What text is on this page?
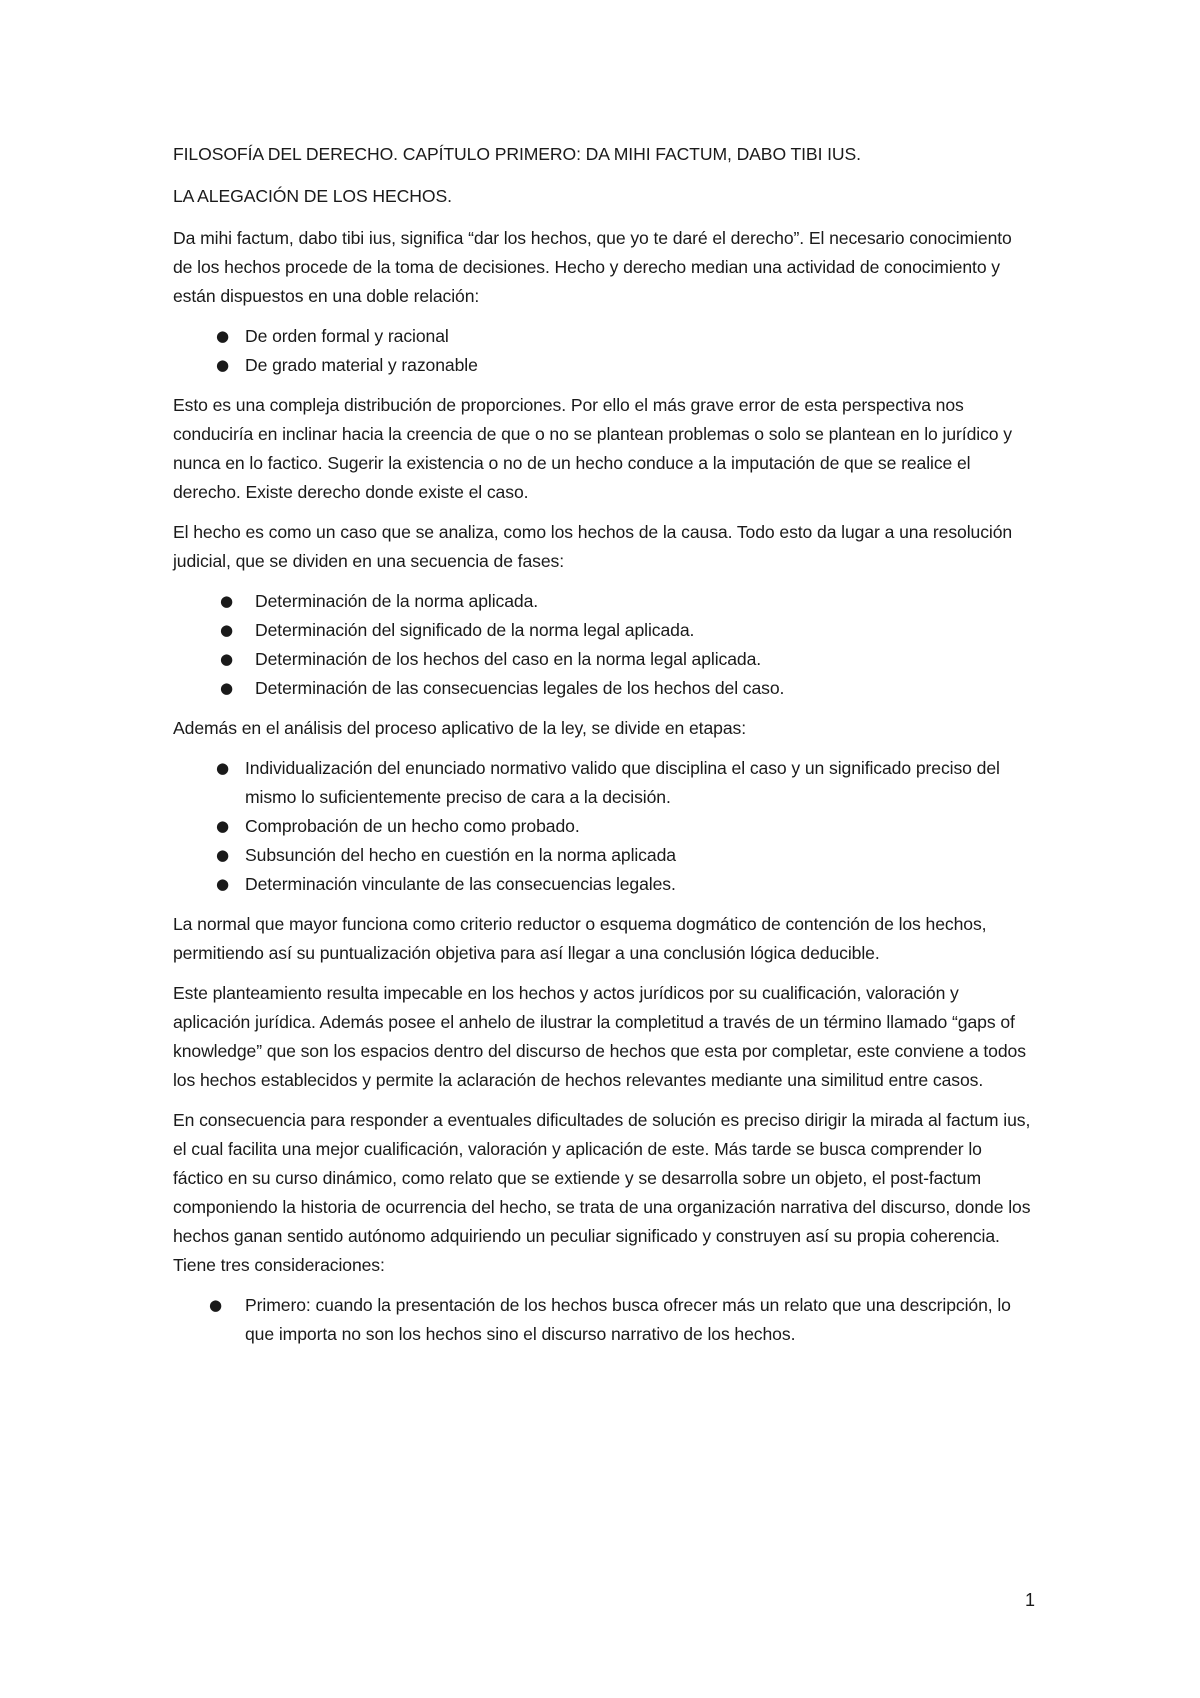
FILOSOFÍA DEL DERECHO. CAPÍTULO PRIMERO: DA MIHI FACTUM, DABO TIBI IUS.

LA ALEGACIÓN DE LOS HECHOS.

Da mihi factum, dabo tibi ius, significa “dar los hechos, que yo te daré el derecho”. El necesario conocimiento de los hechos procede de la toma de decisiones. Hecho y derecho median una actividad de conocimiento y están dispuestos en una doble relación:

● De orden formal y racional
● De grado material y razonable

Esto es una compleja distribución de proporciones. Por ello el más grave error de esta perspectiva nos conduciría en inclinar hacia la creencia de que o no se plantean problemas o solo se plantean en lo jurídico y nunca en lo factico. Sugerir la existencia o no de un hecho conduce a la imputación de que se realice el derecho. Existe derecho donde existe el caso.

El hecho es como un caso que se analiza, como los hechos de la causa. Todo esto da lugar a una resolución judicial, que se dividen en una secuencia de fases:

● Determinación de la norma aplicada.
● Determinación del significado de la norma legal aplicada.
● Determinación de los hechos del caso en la norma legal aplicada.
● Determinación de las consecuencias legales de los hechos del caso.

Además en el análisis del proceso aplicativo de la ley, se divide en etapas:

● Individualización del enunciado normativo valido que disciplina el caso y un significado preciso del mismo lo suficientemente preciso de cara a la decisión.
● Comprobación de un hecho como probado.
● Subsunción del hecho en cuestión en la norma aplicada
● Determinación vinculante de las consecuencias legales.

La normal que mayor funciona como criterio reductor o esquema dogmático de contención de los hechos, permitiendo así su puntualización objetiva para así llegar a una conclusión lógica deducible.

Este planteamiento resulta impecable en los hechos y actos jurídicos por su cualificación, valoración y aplicación jurídica. Además posee el anhelo de ilustrar la completitud a través de un término llamado “gaps of knowledge” que son los espacios dentro del discurso de hechos que esta por completar, este conviene a todos los hechos establecidos y permite la aclaración de hechos relevantes mediante una similitud entre casos.

En consecuencia para responder a eventuales dificultades de solución es preciso dirigir la mirada al factum ius, el cual facilita una mejor cualificación, valoración y aplicación de este. Más tarde se busca comprender lo fáctico en su curso dinámico, como relato que se extiende y se desarrolla sobre un objeto, el post-factum componiendo la historia de ocurrencia del hecho, se trata de una organización narrativa del discurso, donde los hechos ganan sentido autónomo adquiriendo un peculiar significado y construyen así su propia coherencia. Tiene tres consideraciones:

● Primero: cuando la presentación de los hechos busca ofrecer más un relato que una descripción, lo que importa no son los hechos sino el discurso narrativo de los hechos.
1
